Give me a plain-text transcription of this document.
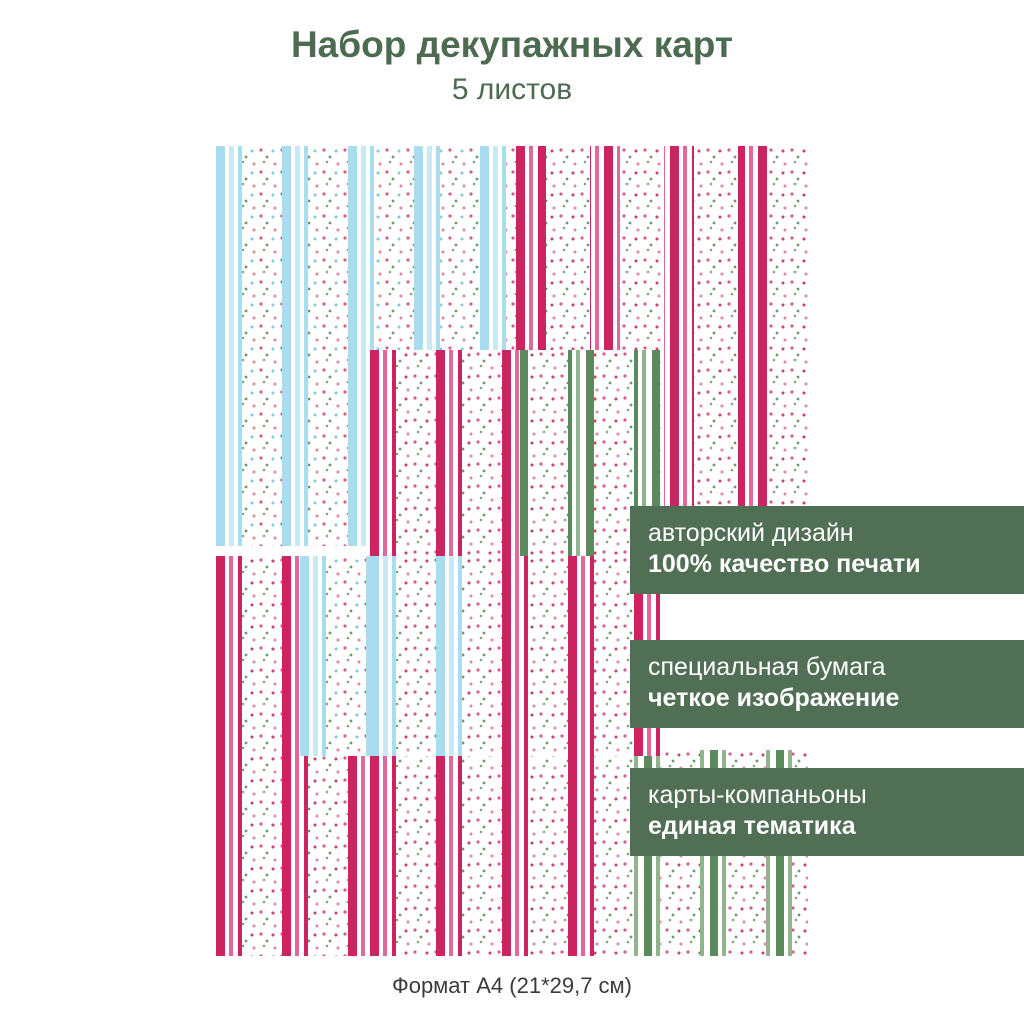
Набор декупажных карт
5 листов
авторский дизайн
100% качество печати
специальная бумага
четкое изображение
карты-компаньоны
единая тематика
Формат А4 (21*29,7 см)
